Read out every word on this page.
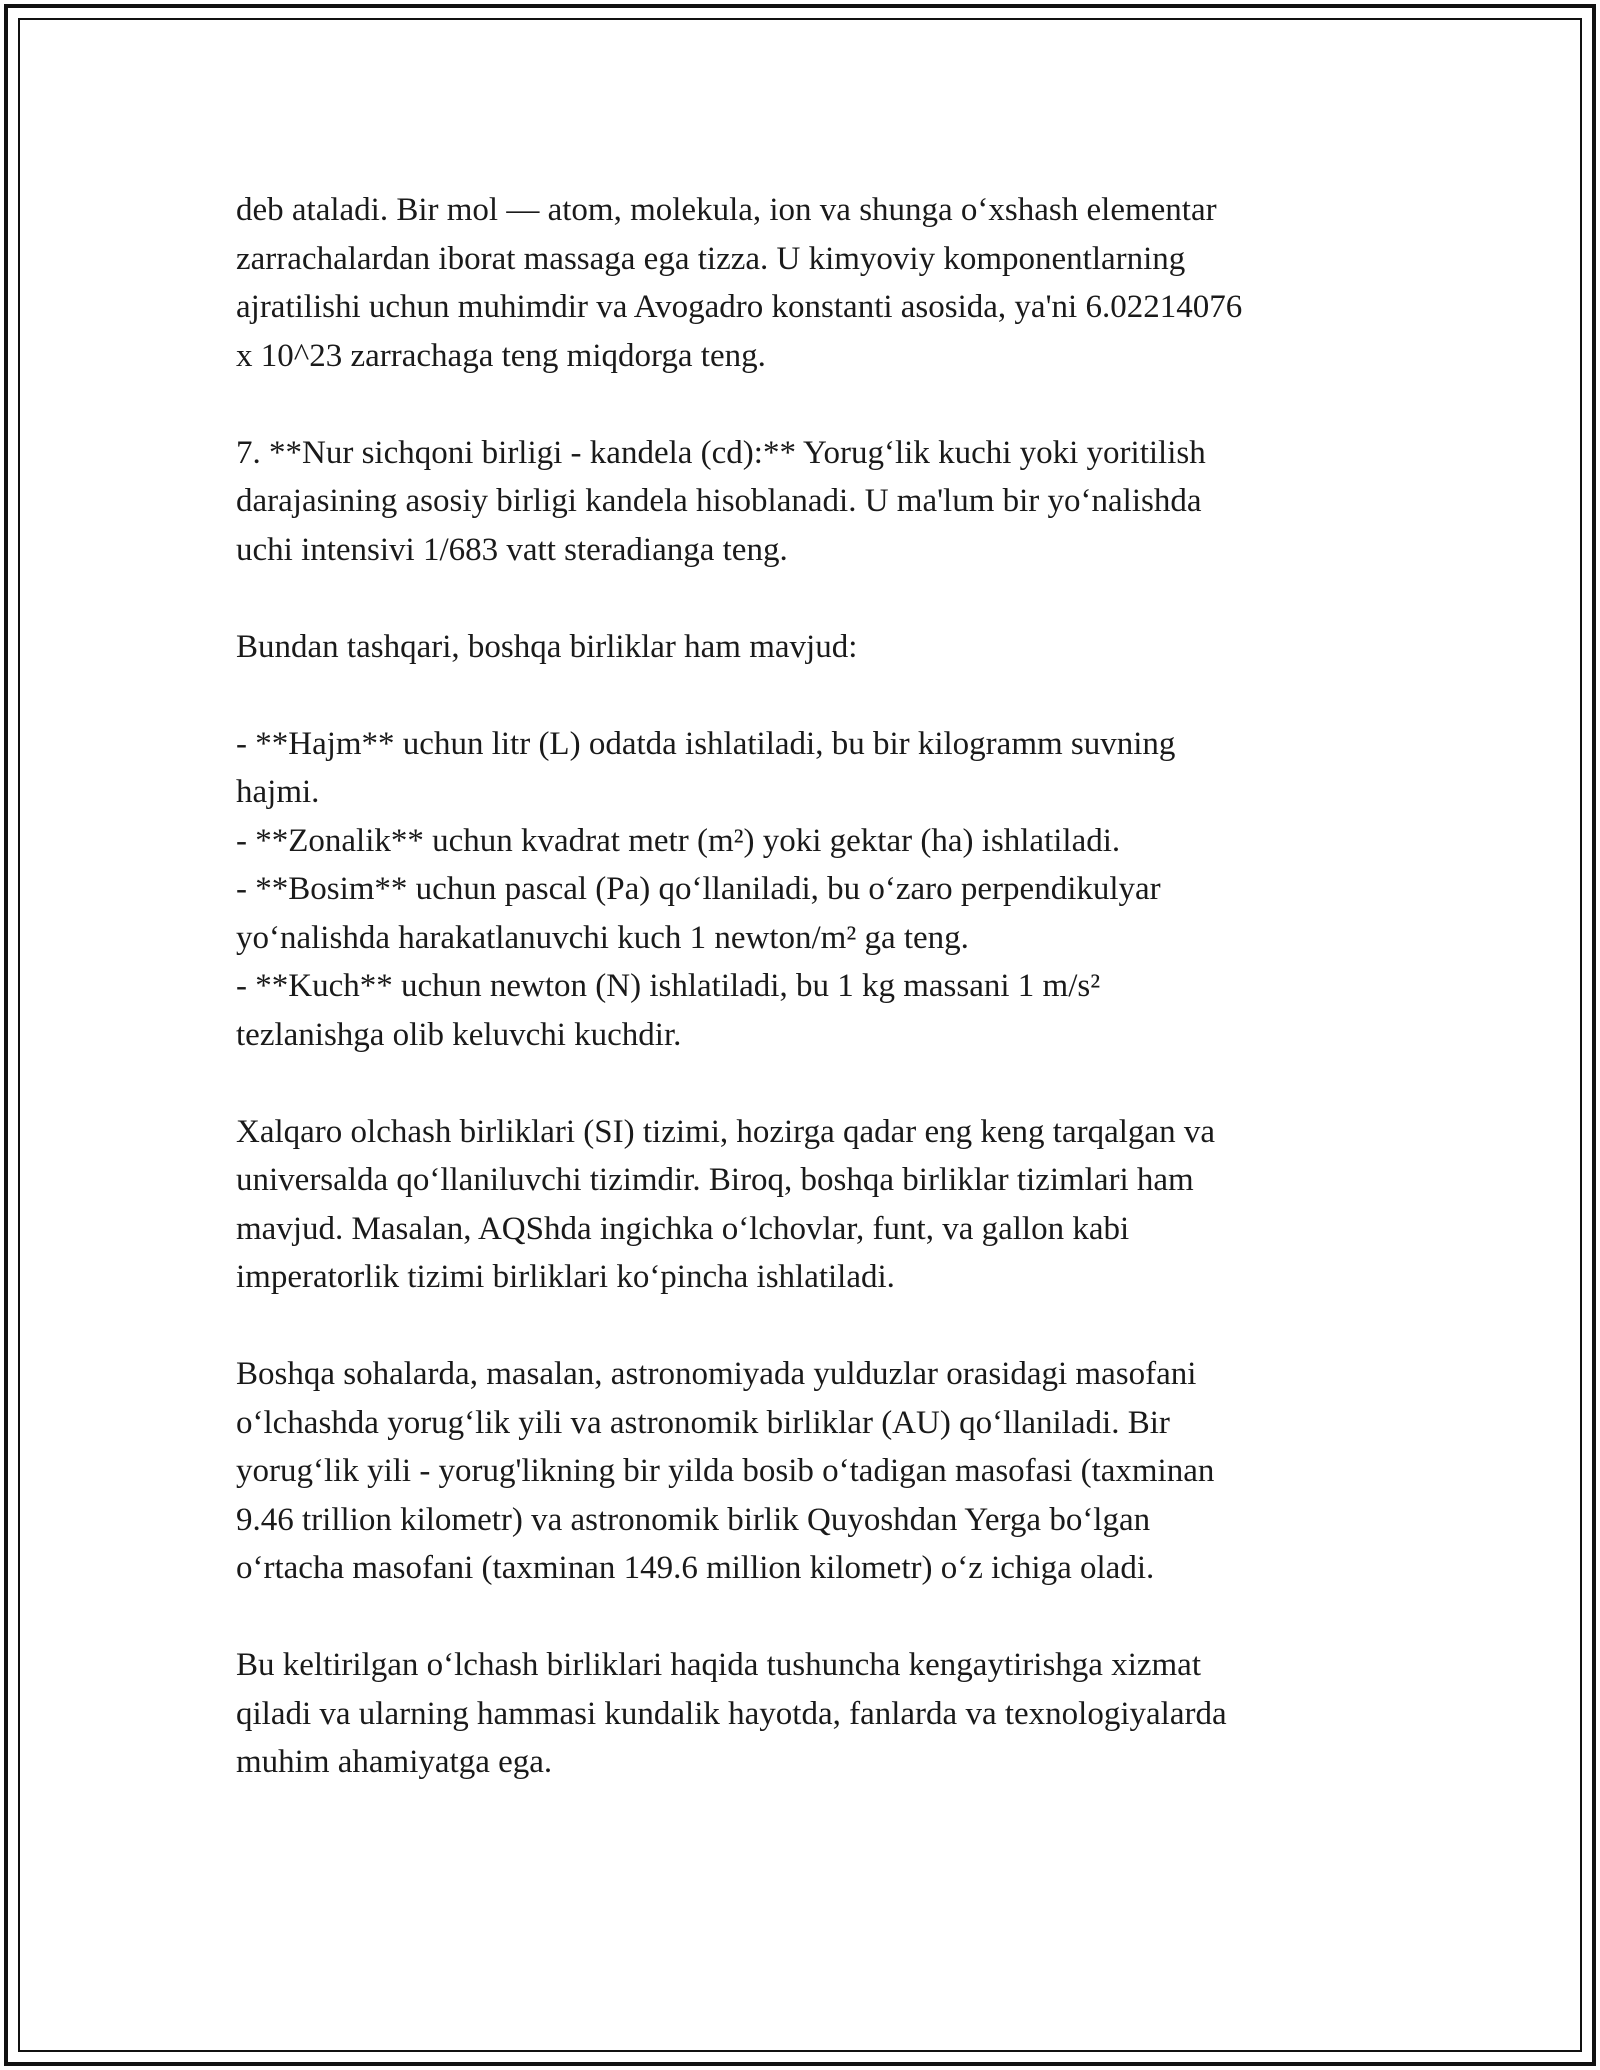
deb ataladi. Bir mol — atom, molekula, ion va shunga oʻxshash elementar
zarrachalardan iborat massaga ega tizza. U kimyoviy komponentlarning
ajratilishi uchun muhimdir va Avogadro konstanti asosida, ya'ni 6.02214076
x 10^23 zarrachaga teng miqdorga teng.

7. **Nur sichqoni birligi - kandela (cd):** Yorugʻlik kuchi yoki yoritilish
darajasining asosiy birligi kandela hisoblanadi. U ma'lum bir yoʻnalishda
uchi intensivi 1/683 vatt steradianga teng.

Bundan tashqari, boshqa birliklar ham mavjud:

- **Hajm** uchun litr (L) odatda ishlatiladi, bu bir kilogramm suvning
hajmi.
- **Zonalik** uchun kvadrat metr (m²) yoki gektar (ha) ishlatiladi.
- **Bosim** uchun pascal (Pa) qoʻllaniladi, bu oʻzaro perpendikulyar
yoʻnalishda harakatlanuvchi kuch 1 newton/m² ga teng.
- **Kuch** uchun newton (N) ishlatiladi, bu 1 kg massani 1 m/s²
tezlanishga olib keluvchi kuchdir.

Xalqaro olchash birliklari (SI) tizimi, hozirga qadar eng keng tarqalgan va
universalda qoʻllaniluvchi tizimdir. Biroq, boshqa birliklar tizimlari ham
mavjud. Masalan, AQShda ingichka oʻlchovlar, funt, va gallon kabi
imperatorlik tizimi birliklari koʻpincha ishlatiladi.

Boshqa sohalarda, masalan, astronomiyada yulduzlar orasidagi masofani
oʻlchashda yorugʻlik yili va astronomik birliklar (AU) qoʻllaniladi. Bir
yorugʻlik yili - yorug'likning bir yilda bosib oʻtadigan masofasi (taxminan
9.46 trillion kilometr) va astronomik birlik Quyoshdan Yerga boʻlgan
oʻrtacha masofani (taxminan 149.6 million kilometr) oʻz ichiga oladi.

Bu keltirilgan oʻlchash birliklari haqida tushuncha kengaytirishga xizmat
qiladi va ularning hammasi kundalik hayotda, fanlarda va texnologiyalarda
muhim ahamiyatga ega.
